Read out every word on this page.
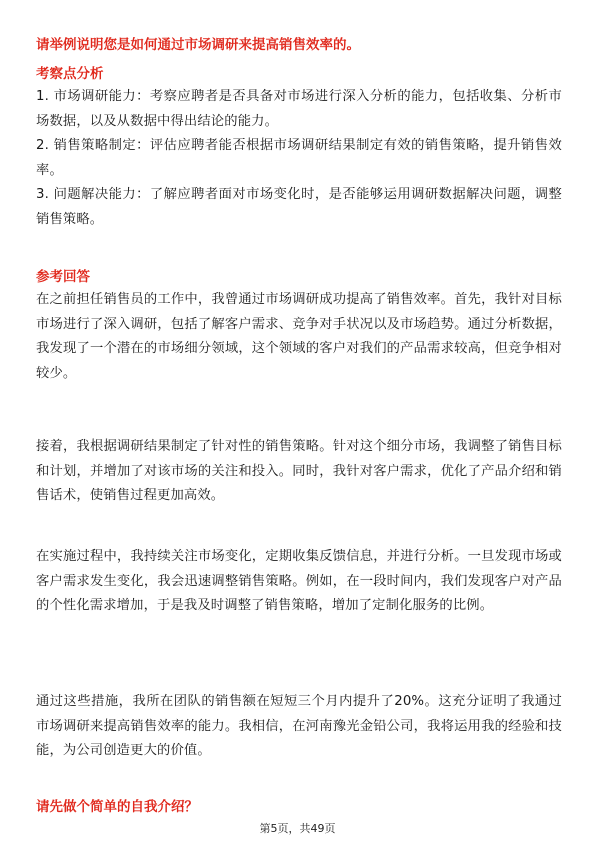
请举例说明您是如何通过市场调研来提高销售效率的。
考察点分析

1. 市场调研能力：考察应聘者是否具备对市场进行深入分析的能力，包括收集、分析市场数据，以及从数据中得出结论的能力。

2. 销售策略制定：评估应聘者能否根据市场调研结果制定有效的销售策略，提升销售效率。

3. 问题解决能力：了解应聘者面对市场变化时，是否能够运用调研数据解决问题，调整销售策略。

参考回答

在之前担任销售员的工作中，我曾通过市场调研成功提高了销售效率。首先，我针对目标市场进行了深入调研，包括了解客户需求、竞争对手状况以及市场趋势。通过分析数据，我发现了一个潜在的市场细分领域，这个领域的客户对我们的产品需求较高，但竞争相对较少。

接着，我根据调研结果制定了针对性的销售策略。针对这个细分市场，我调整了销售目标和计划，并增加了对该市场的关注和投入。同时，我针对客户需求，优化了产品介绍和销售话术，使销售过程更加高效。

在实施过程中，我持续关注市场变化，定期收集反馈信息，并进行分析。一旦发现市场或客户需求发生变化，我会迅速调整销售策略。例如，在一段时间内，我们发现客户对产品的个性化需求增加，于是我及时调整了销售策略，增加了定制化服务的比例。

通过这些措施，我所在团队的销售额在短短三个月内提升了20%。这充分证明了我通过市场调研来提高销售效率的能力。我相信，在河南豫光金铅公司，我将运用我的经验和技能，为公司创造更大的价值。

请先做个简单的自我介绍？
第5页，共49页
